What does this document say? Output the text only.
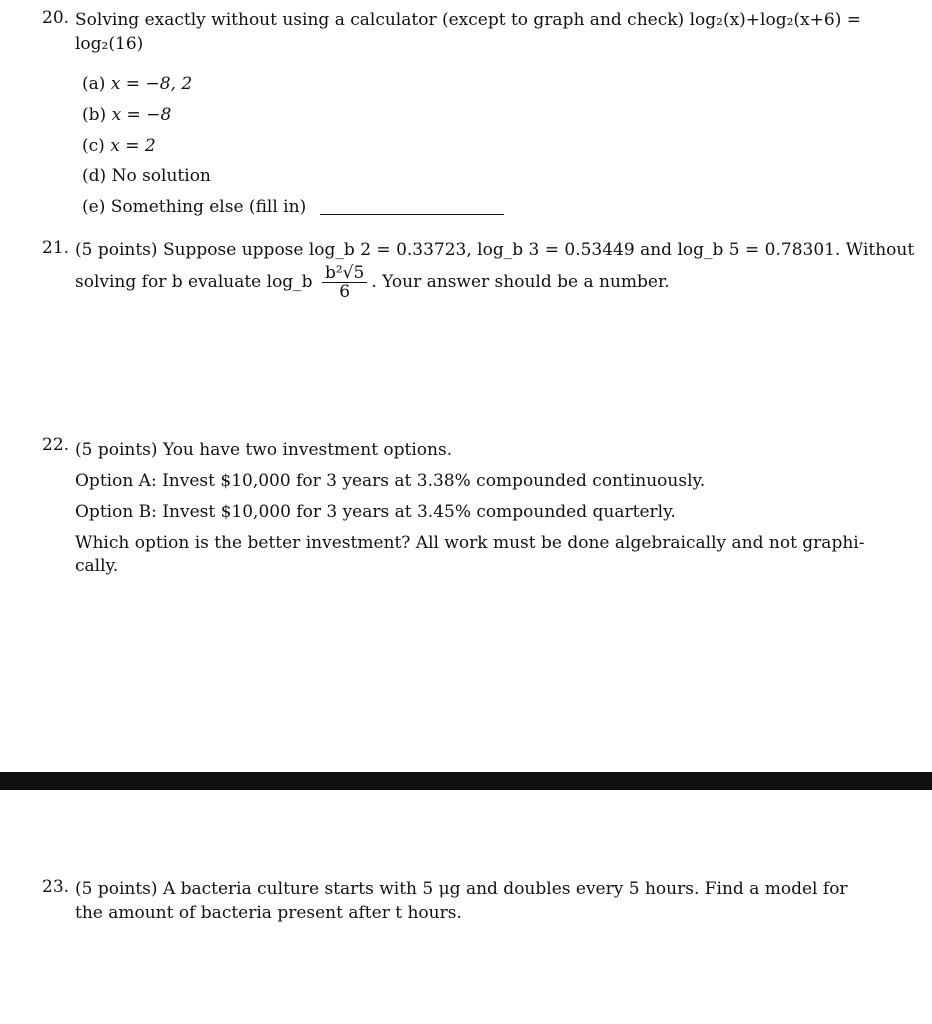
20. Solving exactly without using a calculator (except to graph and check) log₂(x)+log₂(x+6) =
log₂(16)
(a) x = −8, 2
(b) x = −8
(c) x = 2
(d) No solution
(e) Something else (fill in)
21. (5 points) Suppose uppose log_b 2 = 0.33723, log_b 3 = 0.53449 and log_b 5 = 0.78301. Without
solving for b evaluate log_b $\frac{\text{b²√5}}{6}$ . Your answer should be a number.
22. (5 points) You have two investment options.
Option A: Invest $10,000 for 3 years at 3.38% compounded continuously.
Option B: Invest $10,000 for 3 years at 3.45% compounded quarterly.
Which option is the better investment? All work must be done algebraically and not graphi-
cally.
23. (5 points) A bacteria culture starts with 5 μg and doubles every 5 hours. Find a model for
the amount of bacteria present after t hours.
